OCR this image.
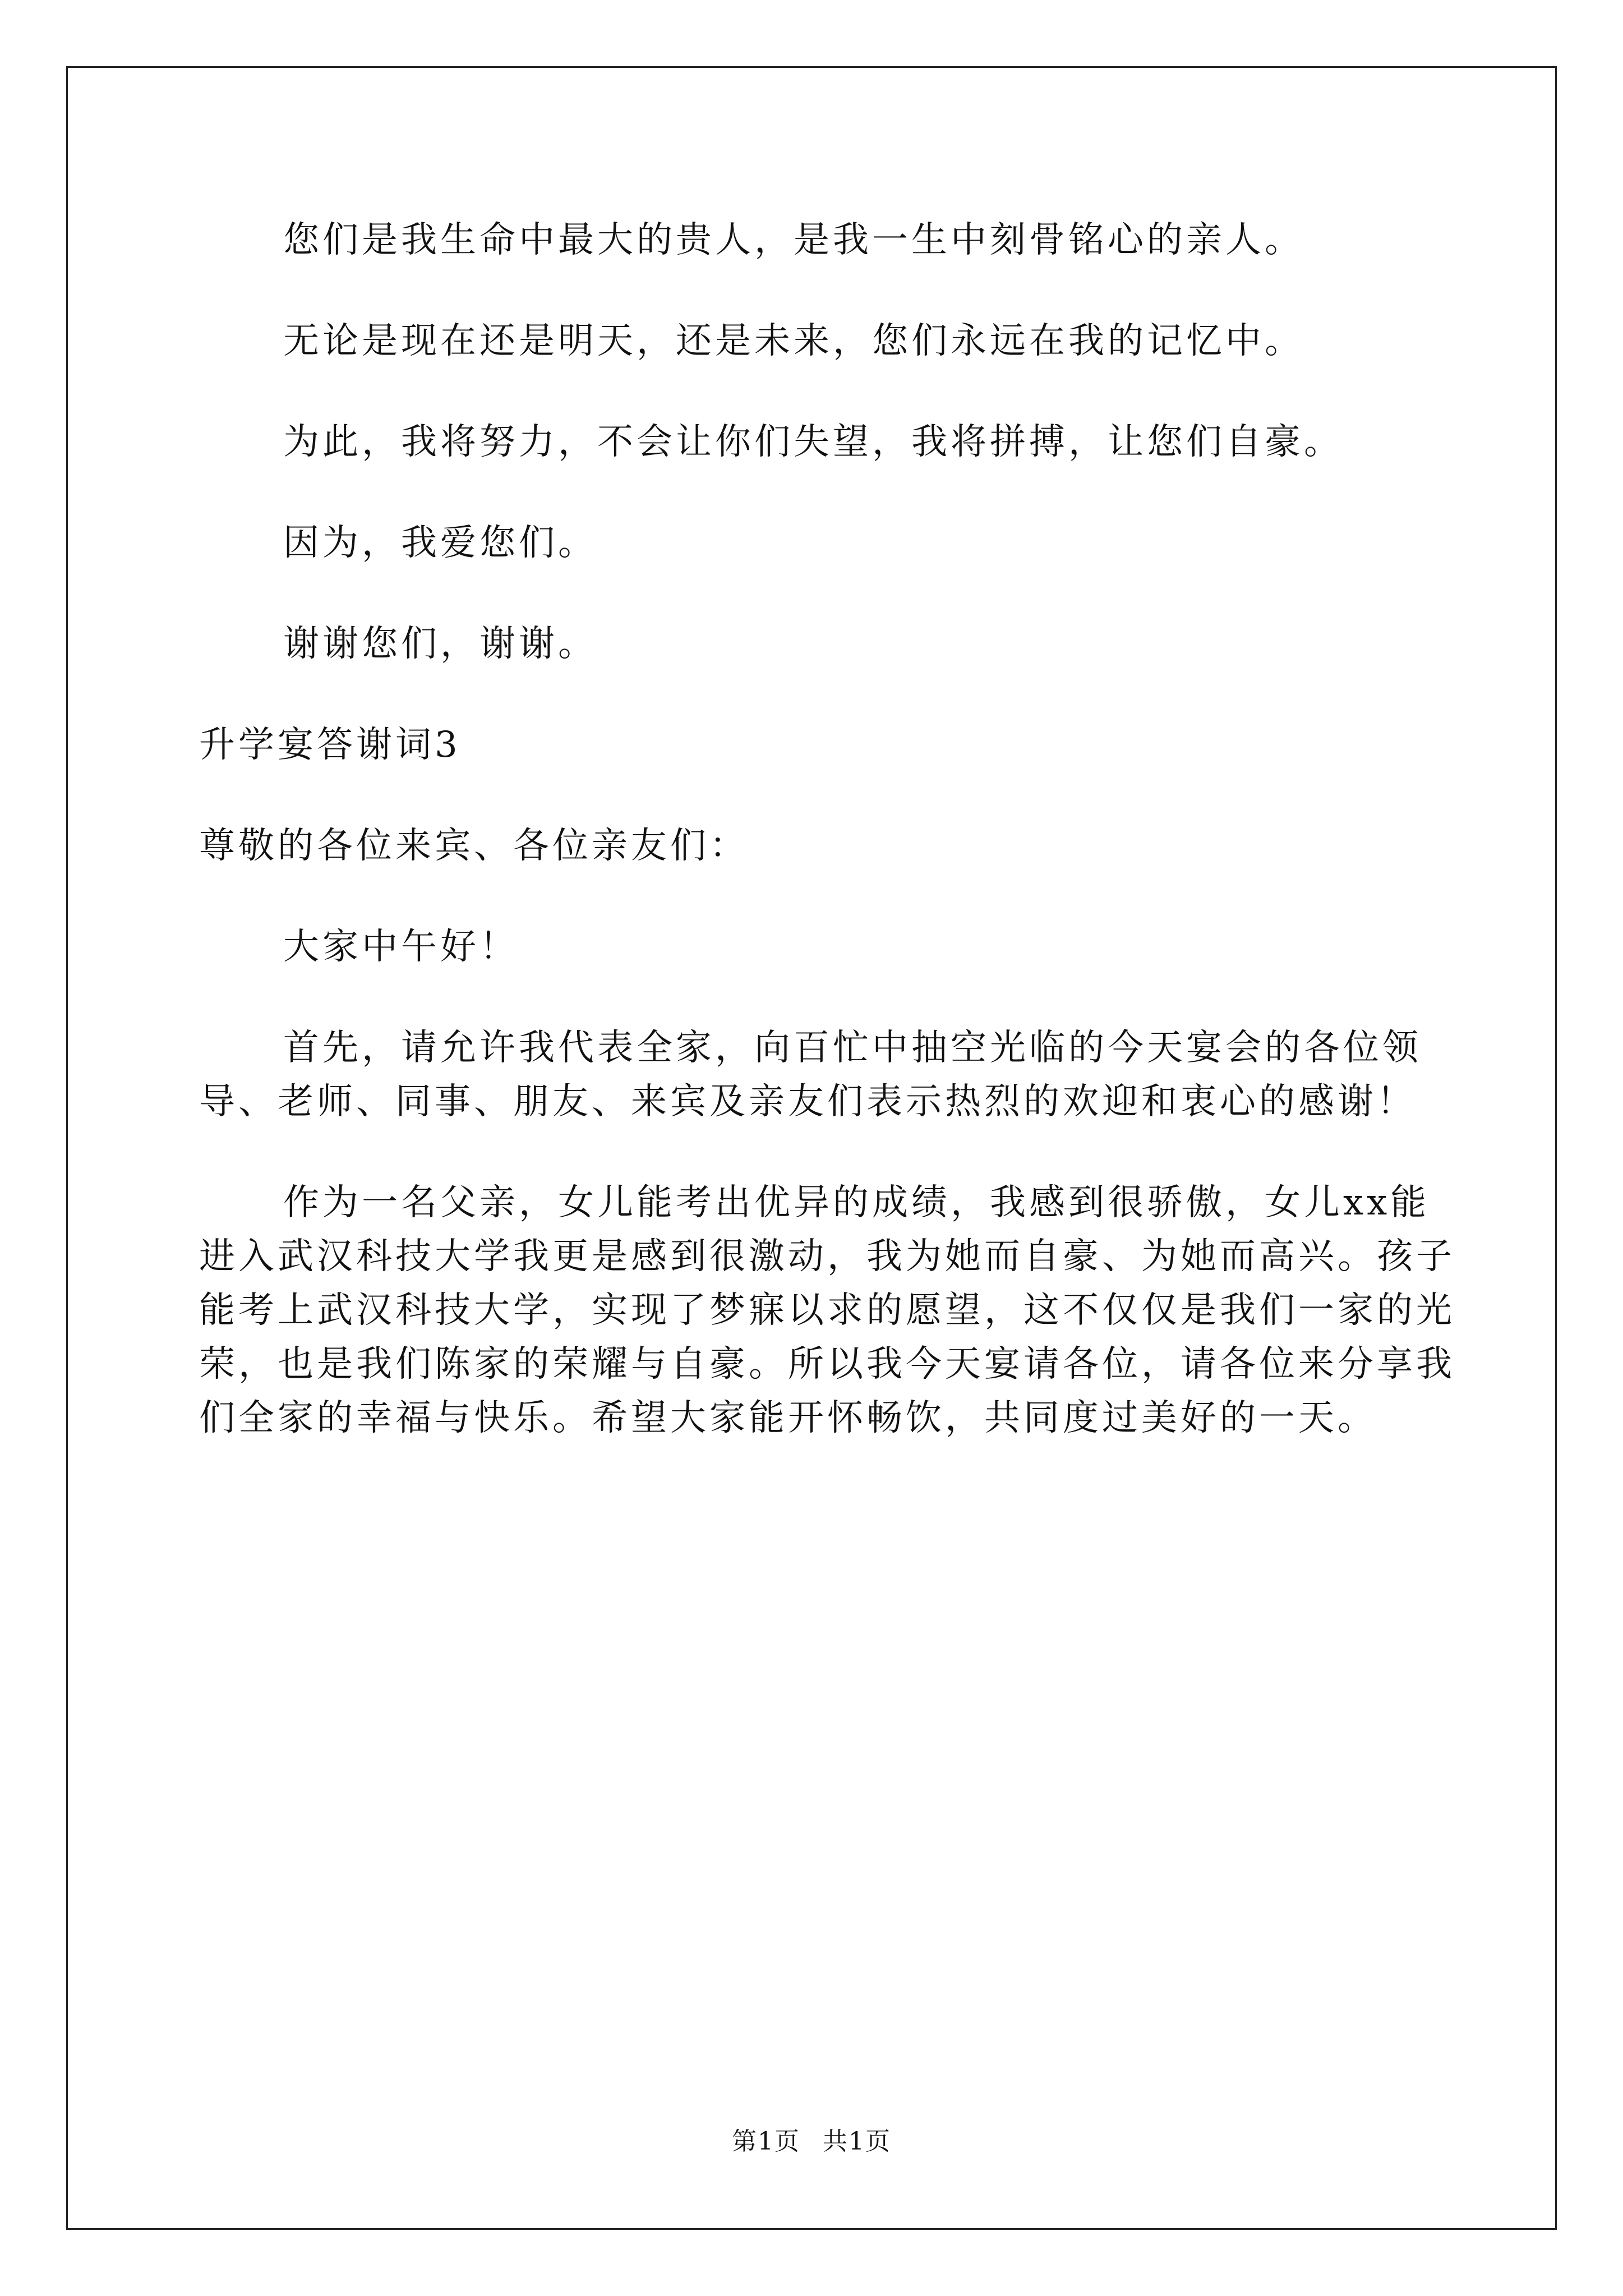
您们是我生命中最大的贵人，是我一生中刻骨铭心的亲人。

无论是现在还是明天，还是未来，您们永远在我的记忆中。

为此，我将努力，不会让你们失望，我将拼搏，让您们自豪。

因为，我爱您们。

谢谢您们，谢谢。

升学宴答谢词3

尊敬的各位来宾、各位亲友们：

大家中午好！

首先，请允许我代表全家，向百忙中抽空光临的今天宴会的各位领导、老师、同事、朋友、来宾及亲友们表示热烈的欢迎和衷心的感谢！

作为一名父亲，女儿能考出优异的成绩，我感到很骄傲，女儿xx能进入武汉科技大学我更是感到很激动，我为她而自豪、为她而高兴。孩子能考上武汉科技大学，实现了梦寐以求的愿望，这不仅仅是我们一家的光荣，也是我们陈家的荣耀与自豪。所以我今天宴请各位，请各位来分享我们全家的幸福与快乐。希望大家能开怀畅饮，共同度过美好的一天。

第1页 共1页
